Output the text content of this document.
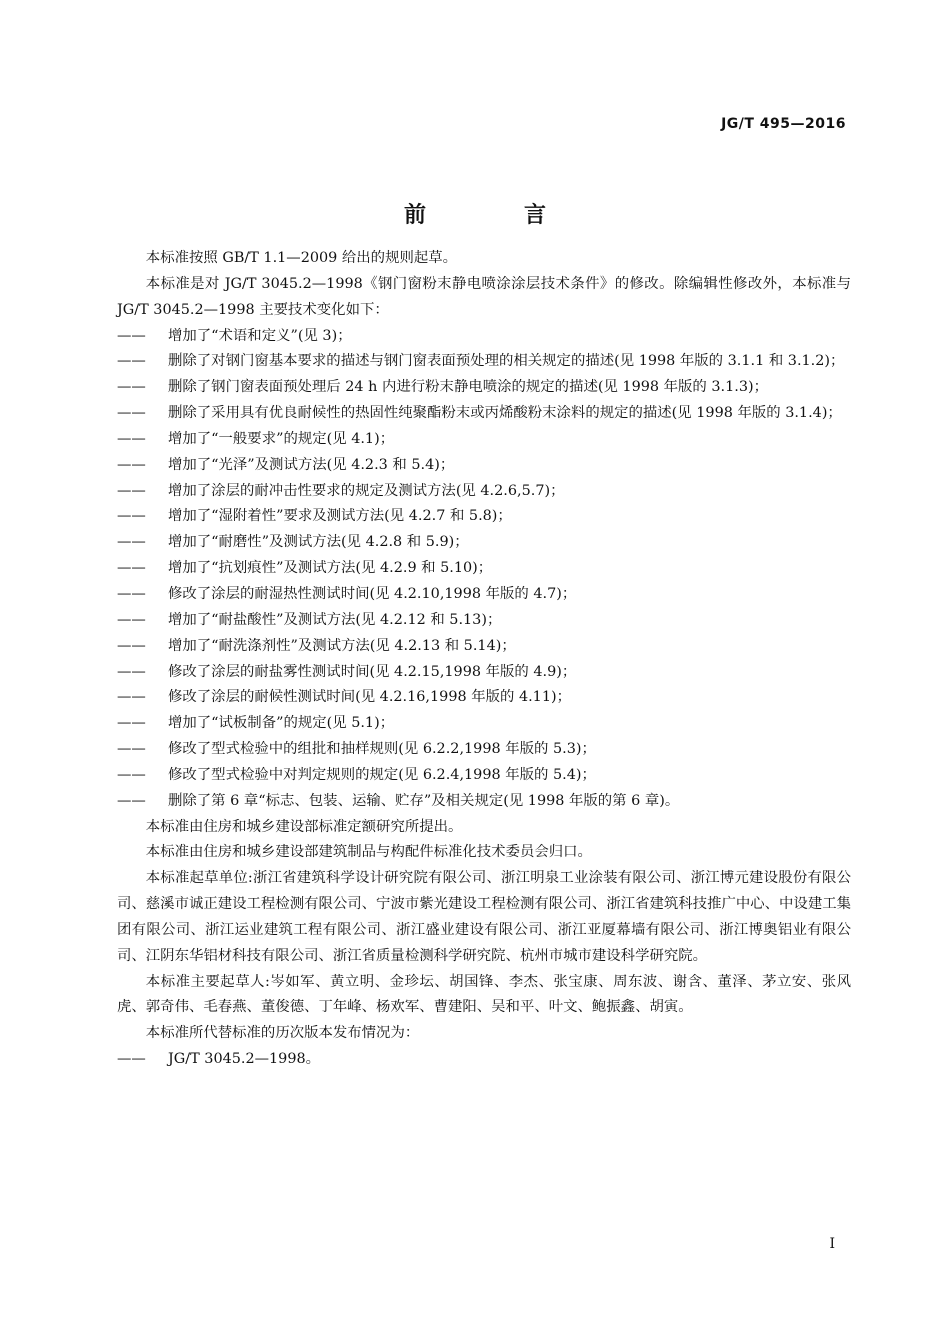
JG/T 495—2016
前　言

本标准按照 GB/T 1.1—2009 给出的规则起草。

本标准是对 JG/T 3045.2—1998《钢门窗粉末静电喷涂涂层技术条件》的修改。除编辑性修改外，本标准与 JG/T 3045.2—1998 主要技术变化如下：

—— 增加了“术语和定义”(见 3)；

—— 删除了对钢门窗基本要求的描述与钢门窗表面预处理的相关规定的描述(见 1998 年版的 3.1.1 和 3.1.2)；

—— 删除了钢门窗表面预处理后 24 h 内进行粉末静电喷涂的规定的描述(见 1998 年版的 3.1.3)；

—— 删除了采用具有优良耐候性的热固性纯聚酯粉末或丙烯酸粉末涂料的规定的描述(见 1998 年版的 3.1.4)；

—— 增加了“一般要求”的规定(见 4.1)；

—— 增加了“光泽”及测试方法(见 4.2.3 和 5.4)；

—— 增加了涂层的耐冲击性要求的规定及测试方法(见 4.2.6,5.7)；

—— 增加了“湿附着性”要求及测试方法(见 4.2.7 和 5.8)；

—— 增加了“耐磨性”及测试方法(见 4.2.8 和 5.9)；

—— 增加了“抗划痕性”及测试方法(见 4.2.9 和 5.10)；

—— 修改了涂层的耐湿热性测试时间(见 4.2.10,1998 年版的 4.7)；

—— 增加了“耐盐酸性”及测试方法(见 4.2.12 和 5.13)；

—— 增加了“耐洗涤剂性”及测试方法(见 4.2.13 和 5.14)；

—— 修改了涂层的耐盐雾性测试时间(见 4.2.15,1998 年版的 4.9)；

—— 修改了涂层的耐候性测试时间(见 4.2.16,1998 年版的 4.11)；

—— 增加了“试板制备”的规定(见 5.1)；

—— 修改了型式检验中的组批和抽样规则(见 6.2.2,1998 年版的 5.3)；

—— 修改了型式检验中对判定规则的规定(见 6.2.4,1998 年版的 5.4)；

—— 删除了第 6 章“标志、包装、运输、贮存”及相关规定(见 1998 年版的第 6 章)。

本标准由住房和城乡建设部标准定额研究所提出。

本标准由住房和城乡建设部建筑制品与构配件标准化技术委员会归口。

本标准起草单位:浙江省建筑科学设计研究院有限公司、浙江明泉工业涂装有限公司、浙江博元建设股份有限公司、慈溪市诚正建设工程检测有限公司、宁波市紫光建设工程检测有限公司、浙江省建筑科技推广中心、中设建工集团有限公司、浙江运业建筑工程有限公司、浙江盛业建设有限公司、浙江亚厦幕墙有限公司、浙江博奥铝业有限公司、江阴东华铝材科技有限公司、浙江省质量检测科学研究院、杭州市城市建设科学研究院。

本标准主要起草人:岑如军、黄立明、金珍坛、胡国锋、李杰、张宝康、周东波、谢含、董泽、茅立安、张风虎、郭奇伟、毛春燕、董俊德、丁年峰、杨欢军、曹建阳、吴和平、叶文、鲍振鑫、胡寅。

本标准所代替标准的历次版本发布情况为：

—— JG/T 3045.2—1998。

I
